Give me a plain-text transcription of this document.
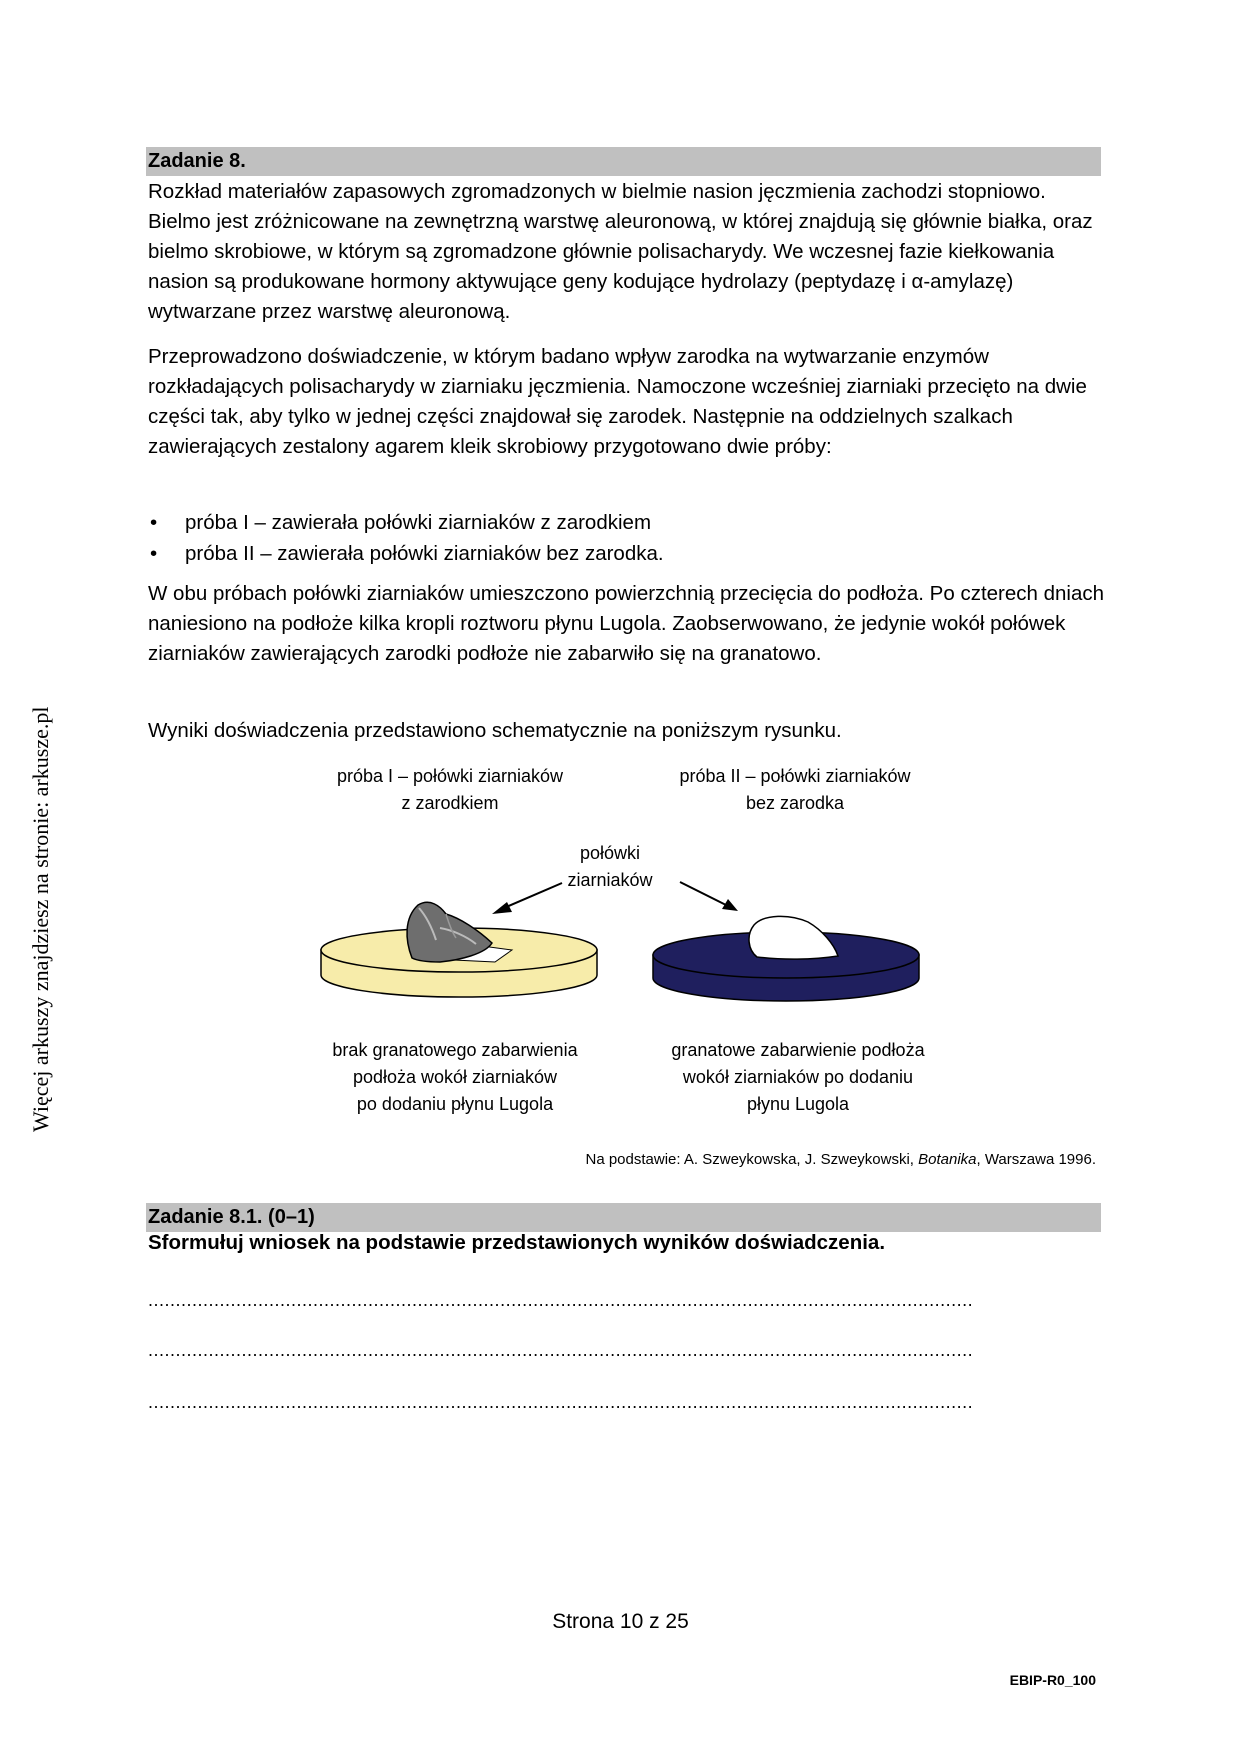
Więcej arkuszy znajdziesz na stronie: arkusze.pl
Zadanie 8.

Rozkład materiałów zapasowych zgromadzonych w bielmie nasion jęczmienia zachodzi stopniowo. Bielmo jest zróżnicowane na zewnętrzną warstwę aleuronową, w której znajdują się głównie białka, oraz bielmo skrobiowe, w którym są zgromadzone głównie polisacharydy. We wczesnej fazie kiełkowania nasion są produkowane hormony aktywujące geny kodujące hydrolazy (peptydazę i α-amylazę) wytwarzane przez warstwę aleuronową.

Przeprowadzono doświadczenie, w którym badano wpływ zarodka na wytwarzanie enzymów rozkładających polisacharydy w ziarniaku jęczmienia. Namoczone wcześniej ziarniaki przecięto na dwie części tak, aby tylko w jednej części znajdował się zarodek. Następnie na oddzielnych szalkach zawierających zestalony agarem kleik skrobiowy przygotowano dwie próby:

• próba I – zawierała połówki ziarniaków z zarodkiem
• próba II – zawierała połówki ziarniaków bez zarodka.

W obu próbach połówki ziarniaków umieszczono powierzchnią przecięcia do podłoża. Po czterech dniach naniesiono na podłoże kilka kropli roztworu płynu Lugola. Zaobserwowano, że jedynie wokół połówek ziarniaków zawierających zarodki podłoże nie zabarwiło się na granatowo.

Wyniki doświadczenia przedstawiono schematycznie na poniższym rysunku.

próba I – połówki ziarniaków
z zarodkiem
próba II – połówki ziarniaków
bez zarodka
połówki
ziarniaków
brak granatowego zabarwienia
podłoża wokół ziarniaków
po dodaniu płynu Lugola
granatowe zabarwienie podłoża
wokół ziarniaków po dodaniu
płynu Lugola
Na podstawie: A. Szweykowska, J. Szweykowski, Botanika, Warszawa 1996.
Zadanie 8.1. (0–1)
Sformułuj wniosek na podstawie przedstawionych wyników doświadczenia.
......................................................................................................................................................
......................................................................................................................................................
......................................................................................................................................................
Strona 10 z 25
EBIP-R0_100
